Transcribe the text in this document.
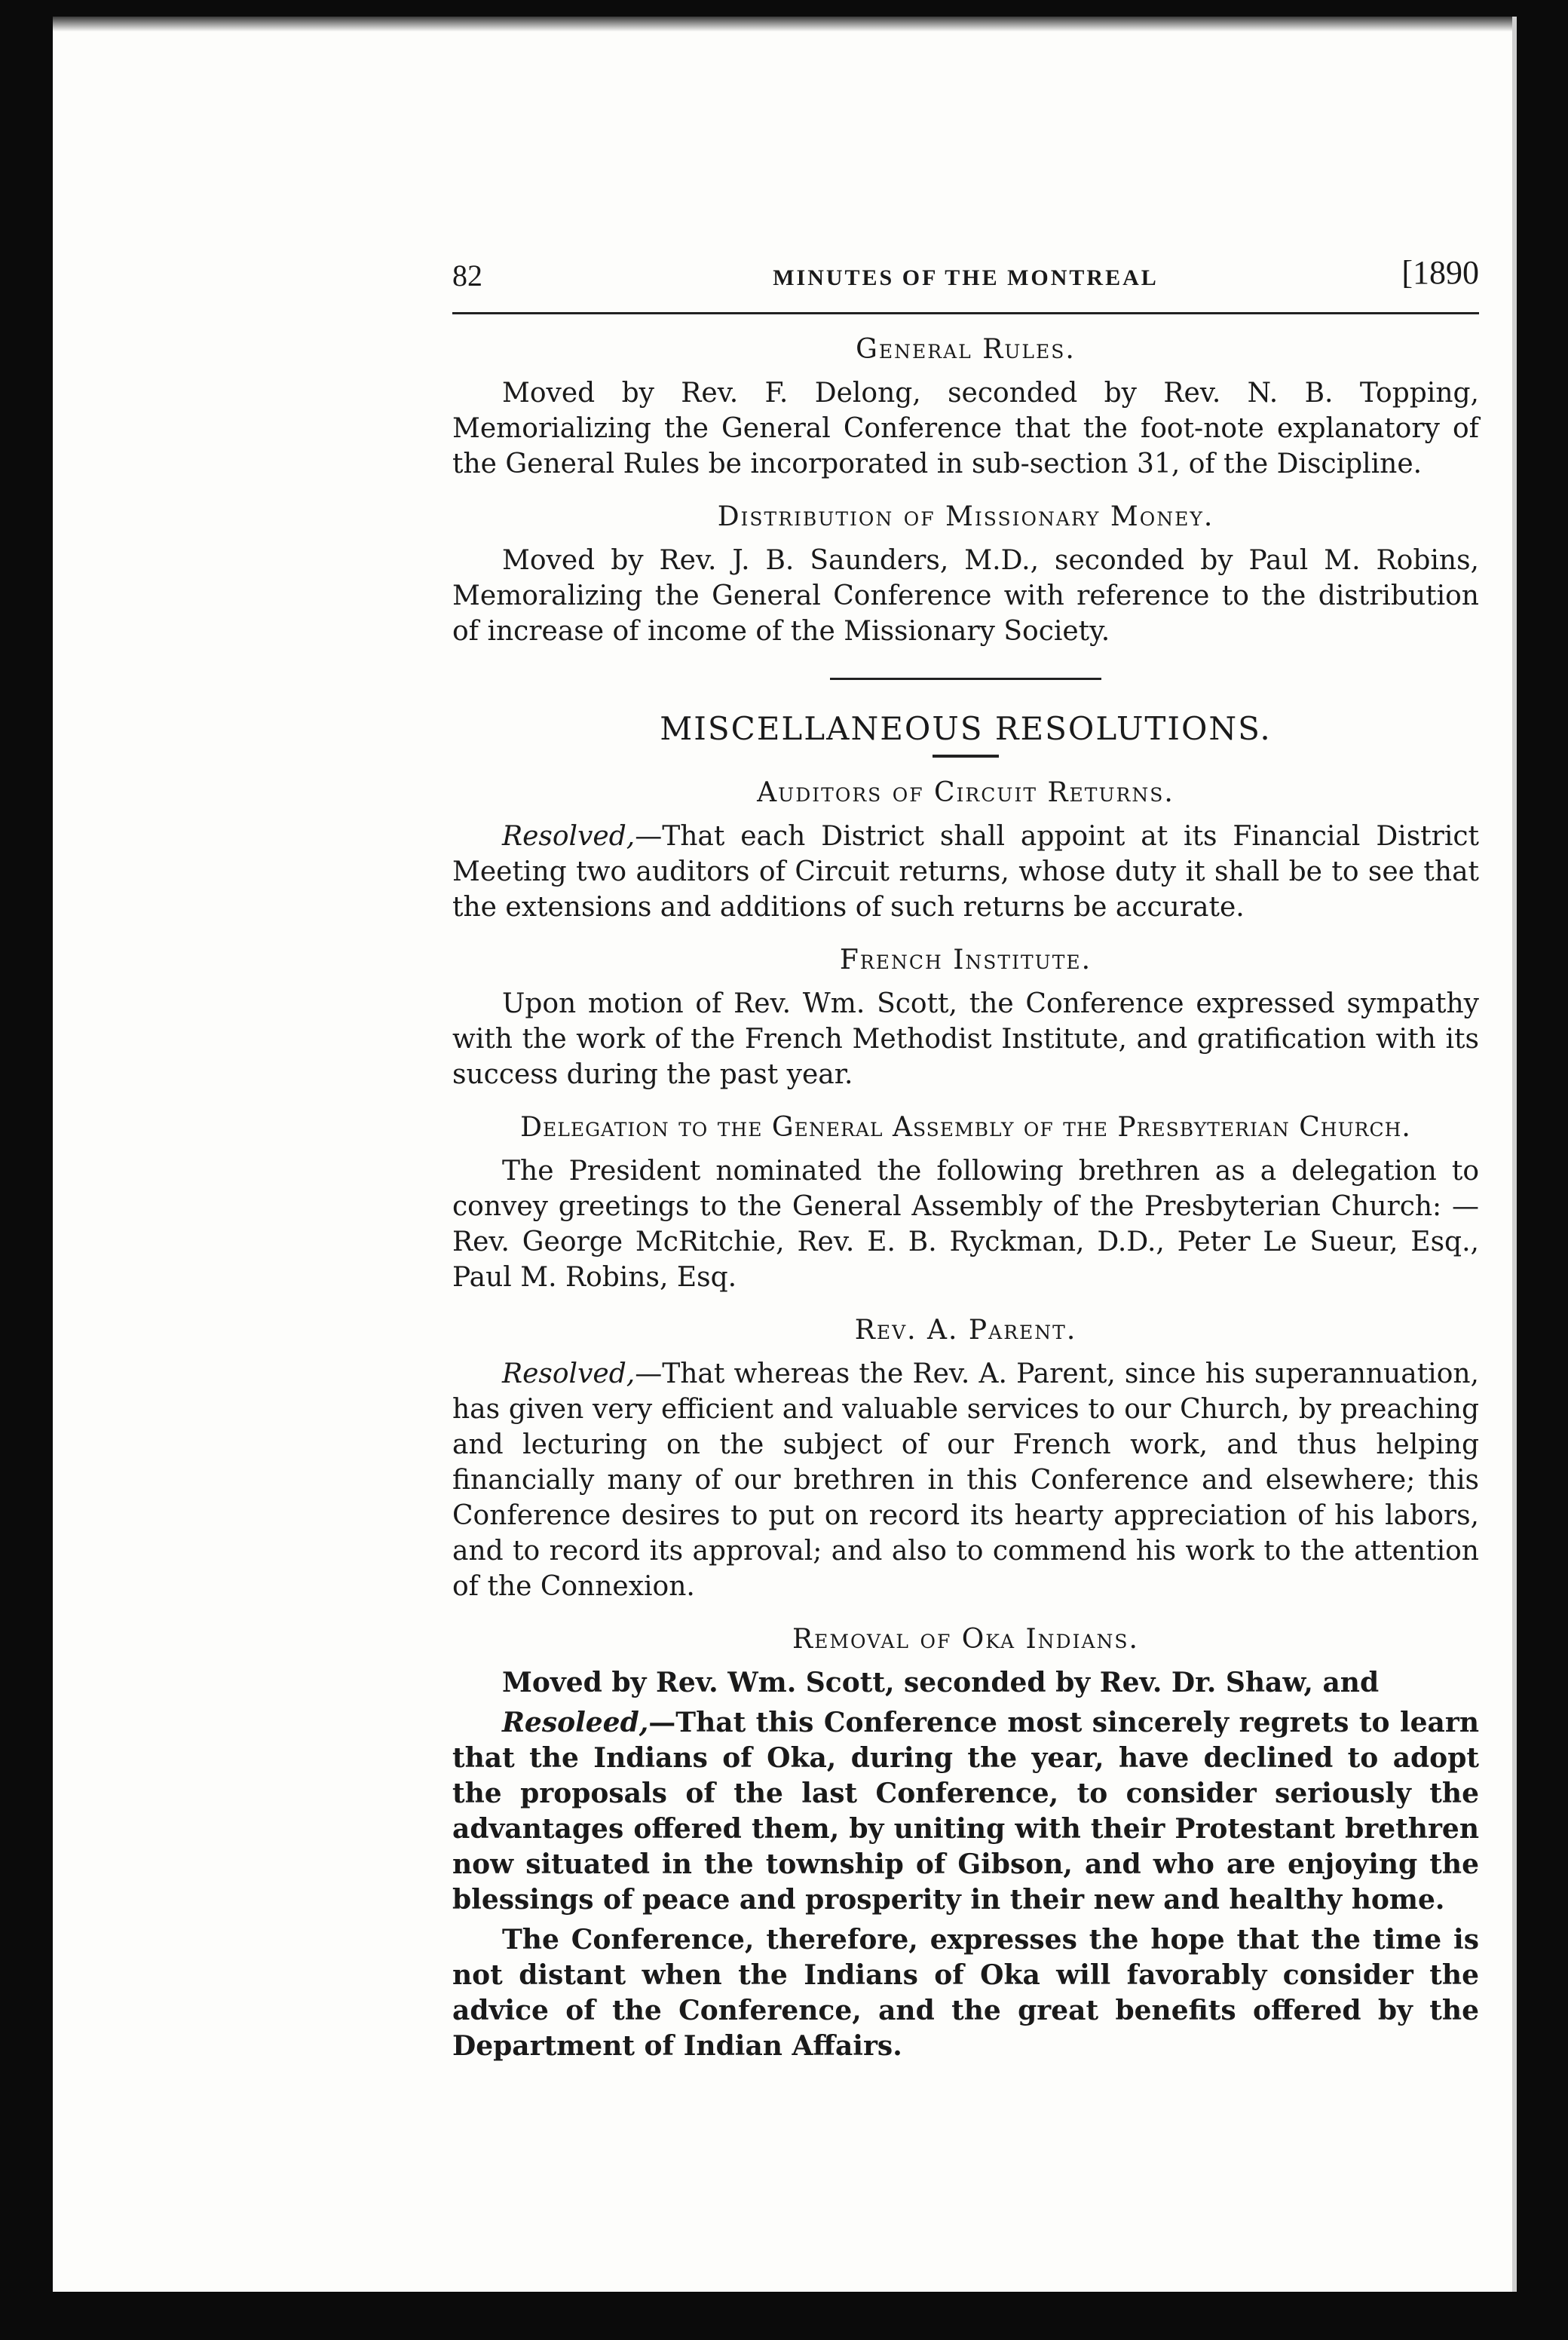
82	MINUTES OF THE MONTREAL	[1890
General Rules.

Moved by Rev. F. Delong, seconded by Rev. N. B. Topping, Memorializing the General Conference that the foot-note explanatory of the General Rules be incorporated in sub-section 31, of the Discipline.

Distribution of Missionary Money.

Moved by Rev. J. B. Saunders, M.D., seconded by Paul M. Robins, Memoralizing the General Conference with reference to the distribution of increase of income of the Missionary Society.

MISCELLANEOUS RESOLUTIONS.
Auditors of Circuit Returns.

Resolved,—That each District shall appoint at its Financial District Meeting two auditors of Circuit returns, whose duty it shall be to see that the extensions and additions of such returns be accurate.

French Institute.

Upon motion of Rev. Wm. Scott, the Conference expressed sympathy with the work of the French Methodist Institute, and gratification with its success during the past year.

Delegation to the General Assembly of the Presbyterian Church.

The President nominated the following brethren as a delegation to convey greetings to the General Assembly of the Presbyterian Church: —Rev. George McRitchie, Rev. E. B. Ryckman, D.D., Peter Le Sueur, Esq., Paul M. Robins, Esq.

Rev. A. Parent.

Resolved,—That whereas the Rev. A. Parent, since his superannuation, has given very efficient and valuable services to our Church, by preaching and lecturing on the subject of our French work, and thus helping financially many of our brethren in this Conference and elsewhere; this Conference desires to put on record its hearty appreciation of his labors, and to record its approval; and also to commend his work to the attention of the Connexion.

Removal of Oka Indians.

Moved by Rev. Wm. Scott, seconded by Rev. Dr. Shaw, and

Resoleed,—That this Conference most sincerely regrets to learn that the Indians of Oka, during the year, have declined to adopt the proposals of the last Conference, to consider seriously the advantages offered them, by uniting with their Protestant brethren now situated in the township of Gibson, and who are enjoying the blessings of peace and prosperity in their new and healthy home.

The Conference, therefore, expresses the hope that the time is not distant when the Indians of Oka will favorably consider the advice of the Conference, and the great benefits offered by the Department of Indian Affairs.
